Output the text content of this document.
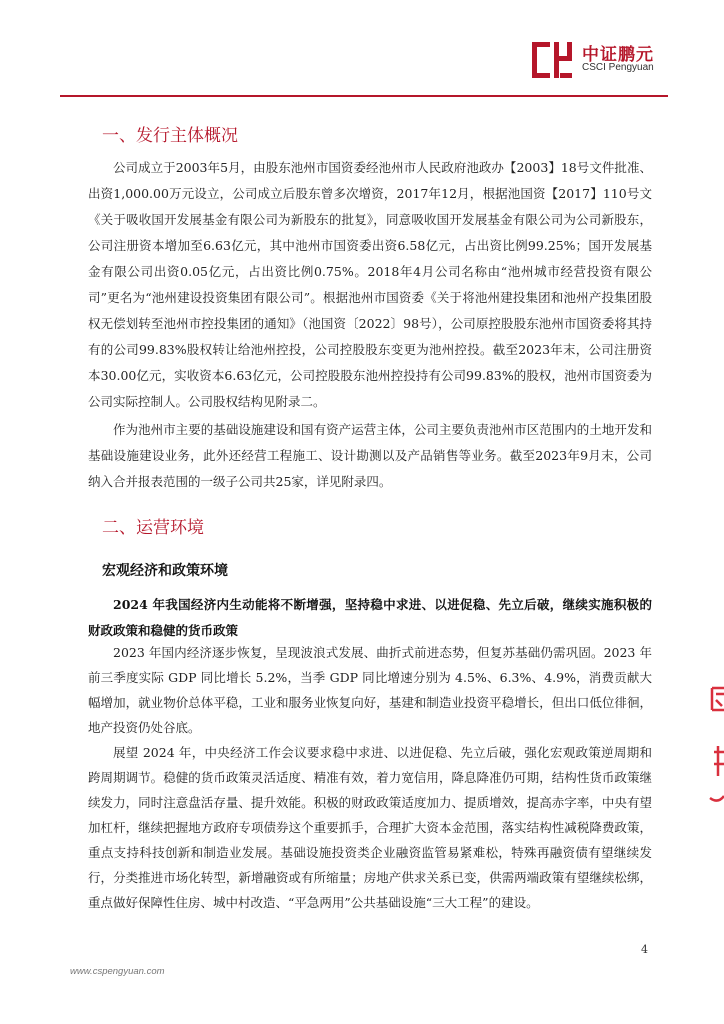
中证鹏元
CSCI Pengyuan
一、发行主体概况

公司成立于2003年5月，由股东池州市国资委经池州市人民政府池政办【2003】18号文件批准、出资1,000.00万元设立，公司成立后股东曾多次增资，2017年12月，根据池国资【2017】110号文《关于吸收国开发展基金有限公司为新股东的批复》，同意吸收国开发展基金有限公司为公司新股东，公司注册资本增加至6.63亿元，其中池州市国资委出资6.58亿元，占出资比例99.25%；国开发展基金有限公司出资0.05亿元，占出资比例0.75%。2018年4月公司名称由“池州城市经营投资有限公司”更名为“池州建设投资集团有限公司”。根据池州市国资委《关于将池州建投集团和池州产投集团股权无偿划转至池州市控投集团的通知》（池国资〔2022〕98号），公司原控股股东池州市国资委将其持有的公司99.83%股权转让给池州控投，公司控股股东变更为池州控投。截至2023年末，公司注册资本30.00亿元，实收资本6.63亿元，公司控股股东池州控投持有公司99.83%的股权，池州市国资委为公司实际控制人。公司股权结构见附录二。

作为池州市主要的基础设施建设和国有资产运营主体，公司主要负责池州市区范围内的土地开发和基础设施建设业务，此外还经营工程施工、设计勘测以及产品销售等业务。截至2023年9月末，公司纳入合并报表范围的一级子公司共25家，详见附录四。

二、运营环境
宏观经济和政策环境

2024 年我国经济内生动能将不断增强，坚持稳中求进、以进促稳、先立后破，继续实施积极的财政政策和稳健的货币政策

2023 年国内经济逐步恢复，呈现波浪式发展、曲折式前进态势，但复苏基础仍需巩固。2023 年前三季度实际 GDP 同比增长 5.2%，当季 GDP 同比增速分别为 4.5%、6.3%、4.9%，消费贡献大幅增加，就业物价总体平稳，工业和服务业恢复向好，基建和制造业投资平稳增长，但出口低位徘徊，地产投资仍处谷底。

展望 2024 年，中央经济工作会议要求稳中求进、以进促稳、先立后破，强化宏观政策逆周期和跨周期调节。稳健的货币政策灵活适度、精准有效，着力宽信用，降息降准仍可期，结构性货币政策继续发力，同时注意盘活存量、提升效能。积极的财政政策适度加力、提质增效，提高赤字率，中央有望加杠杆，继续把握地方政府专项债券这个重要抓手，合理扩大资本金范围，落实结构性减税降费政策，重点支持科技创新和制造业发展。基础设施投资类企业融资监管易紧难松，特殊再融资债有望继续发行，分类推进市场化转型，新增融资或有所缩量；房地产供求关系已变，供需两端政策有望继续松绑，重点做好保障性住房、城中村改造、“平急两用”公共基础设施“三大工程”的建设。

4
www.cspengyuan.com
